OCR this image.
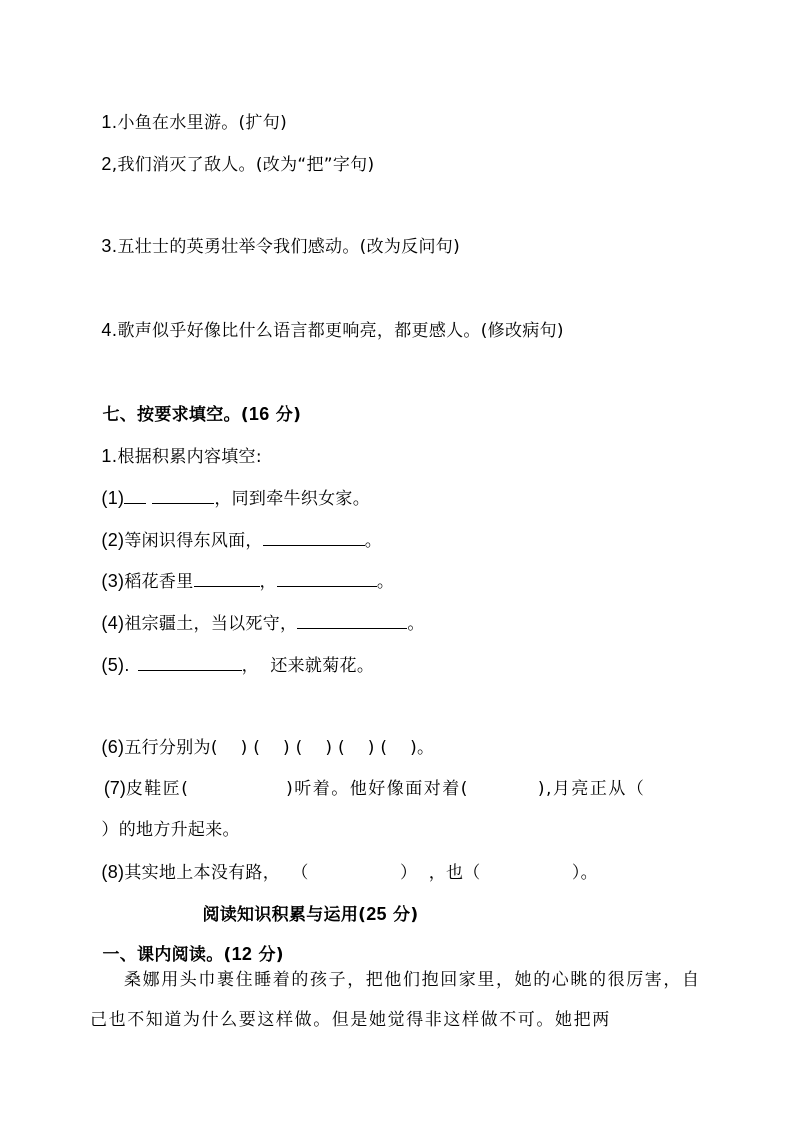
1.小鱼在水里游。(扩句)

2,我们消灭了敌人。(改为“把”字句)

3.五壮士的英勇壮举令我们感动。(改为反问句)

4.歌声似乎好像比什么语言都更响亮，都更感人。(修改病句)

七、按要求填空。(16 分)

1.根据积累内容填空:

(1)	，同到牵牛织女家。

(2)等闲识得东风面，	。

(3)稻花香里	，	。

(4)祖宗疆土，当以死守，	。

(5).	，  还来就菊花。

(6)五行分别为(    ) (    ) (    ) (    ) (    )。

(7)皮鞋匠(              )听着。他好像面对着(          ),月亮正从（

）的地方升起来。

(8)其实地上本没有路，  （                ）  ，也（                ）。

阅读知识积累与运用(25 分)

一、课内阅读。(12 分)

桑娜用头巾裹住睡着的孩子，把他们抱回家里，她的心眺的很厉害，自己也不知道为什么要这样做。但是她觉得非这样做不可。她把两
